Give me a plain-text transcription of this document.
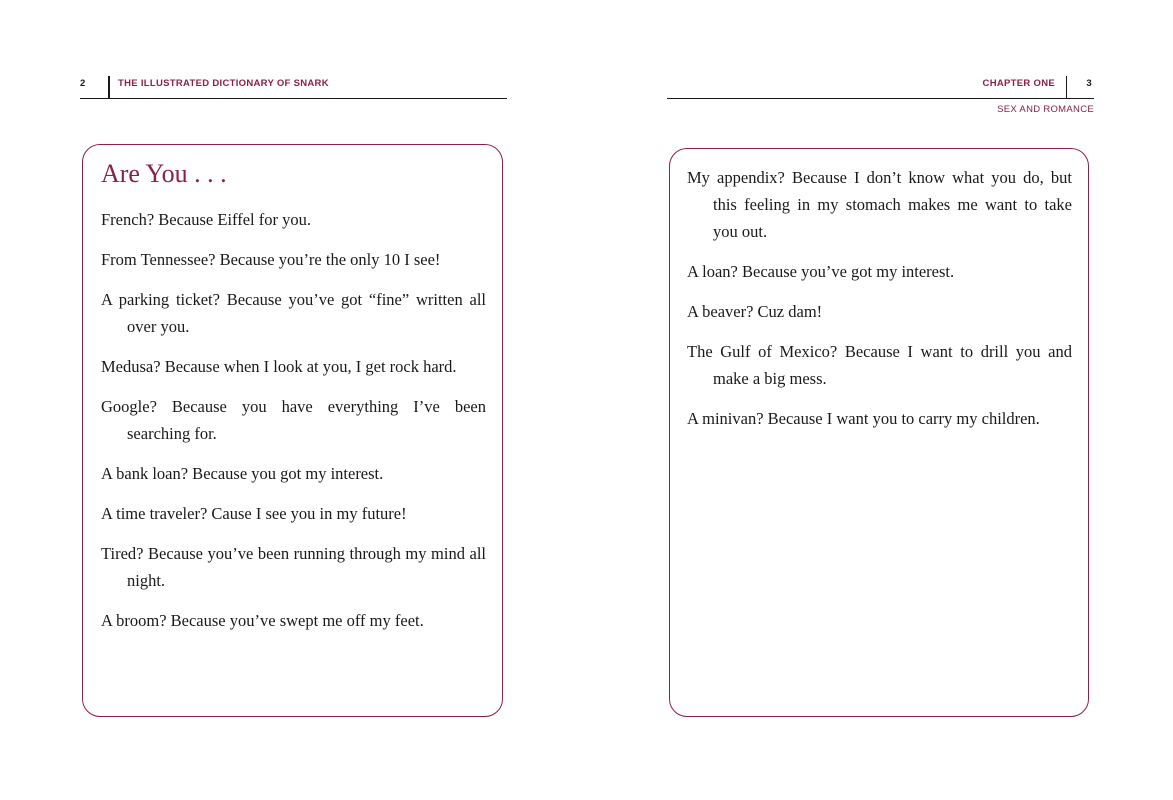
2	THE ILLUSTRATED DICTIONARY OF SNARK
Are You . . .
French? Because Eiffel for you.
From Tennessee? Because you’re the only 10 I see!
A parking ticket? Because you’ve got “fine” written all over you.
Medusa? Because when I look at you, I get rock hard.
Google? Because you have everything I’ve been searching for.
A bank loan? Because you got my interest.
A time traveler? Cause I see you in my future!
Tired? Because you’ve been running through my mind all night.
A broom? Because you’ve swept me off my feet.
CHAPTER ONE	3
SEX AND ROMANCE
My appendix? Because I don’t know what you do, but this feeling in my stomach makes me want to take you out.
A loan? Because you’ve got my interest.
A beaver? Cuz dam!
The Gulf of Mexico? Because I want to drill you and make a big mess.
A minivan? Because I want you to carry my children.
